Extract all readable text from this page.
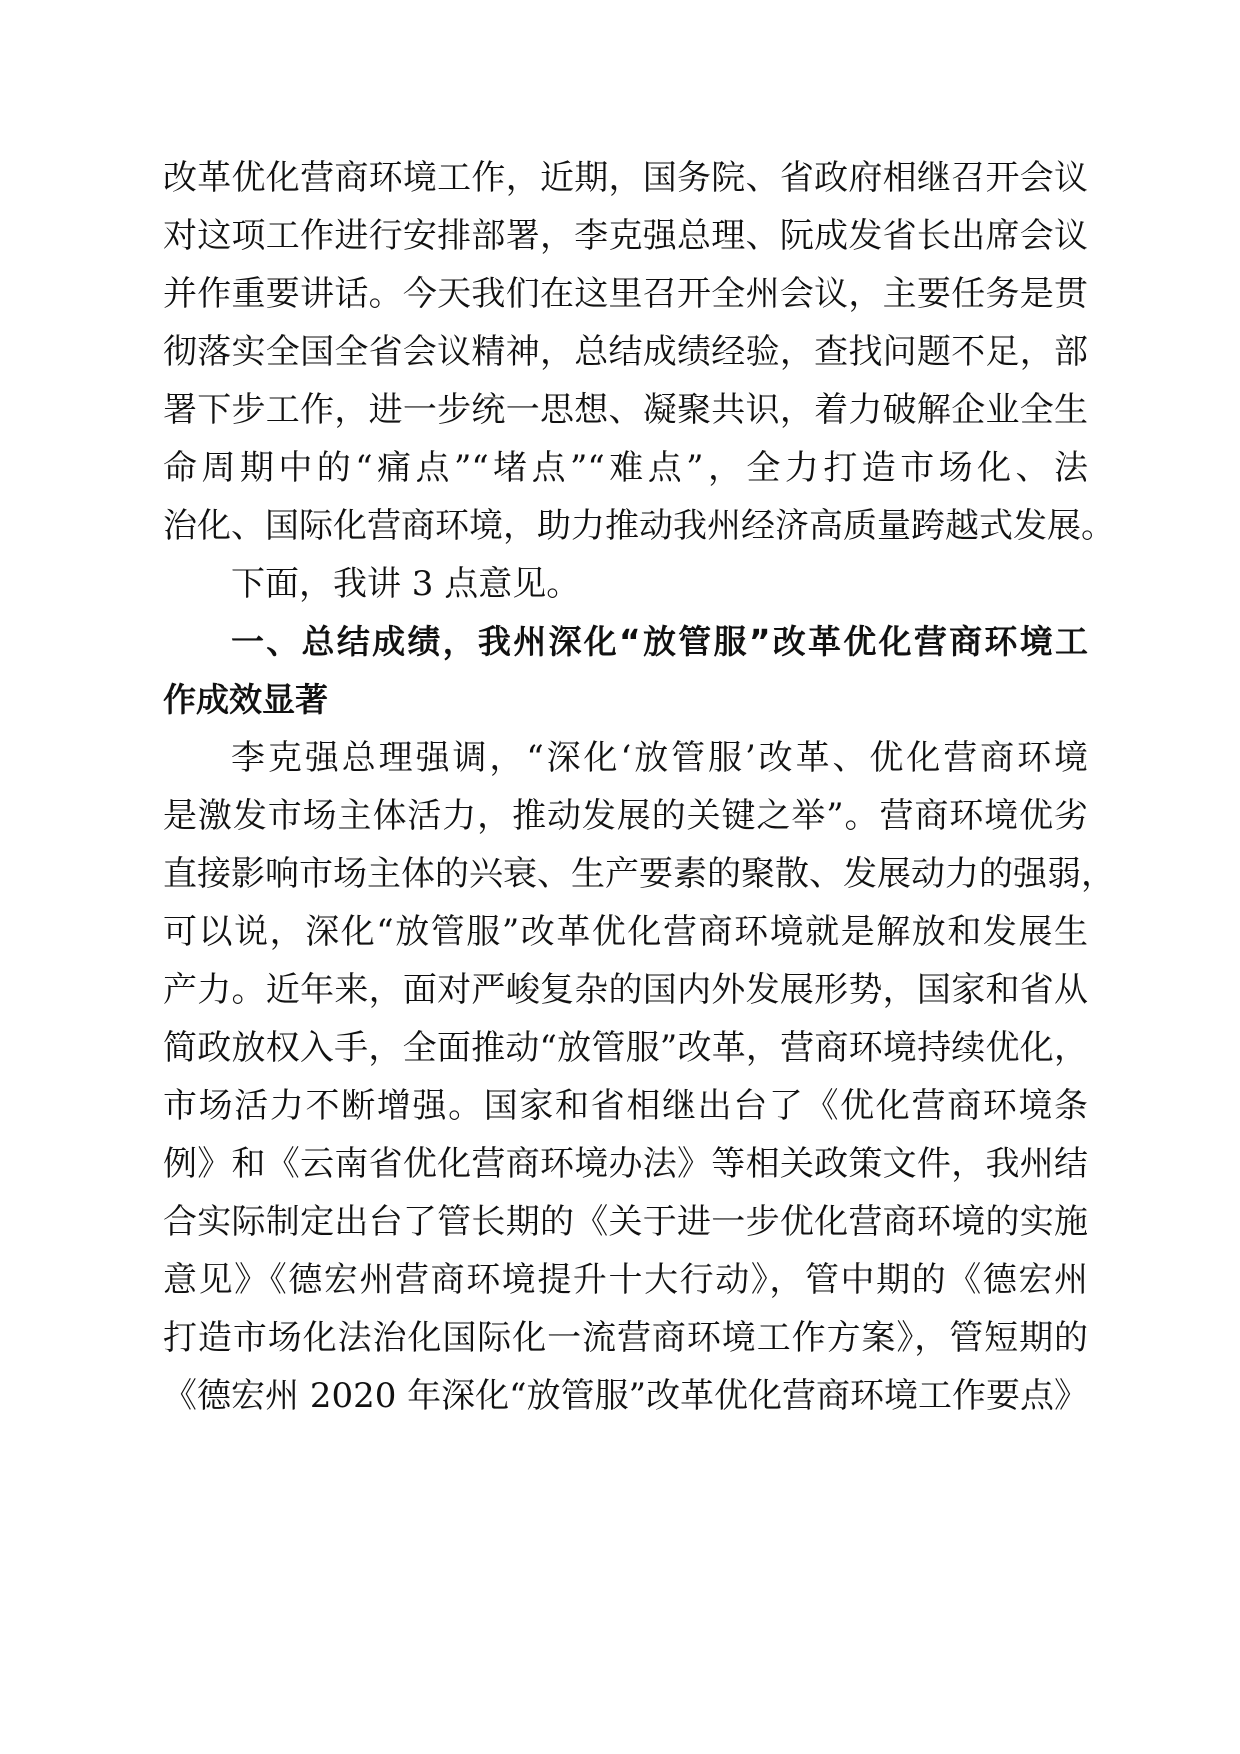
改革优化营商环境工作，近期，国务院、省政府相继召开会议
对这项工作进行安排部署，李克强总理、阮成发省长出席会议
并作重要讲话。今天我们在这里召开全州会议，主要任务是贯
彻落实全国全省会议精神，总结成绩经验，查找问题不足，部
署下步工作，进一步统一思想、凝聚共识，着力破解企业全生
命周期中的“痛点”“堵点”“难点”，全力打造市场化、法
治化、国际化营商环境，助力推动我州经济高质量跨越式发展。
下面，我讲 3 点意见。
一、总结成绩，我州深化“放管服”改革优化营商环境工
作成效显著
李克强总理强调，“深化‘放管服’改革、优化营商环境
是激发市场主体活力，推动发展的关键之举”。营商环境优劣
直接影响市场主体的兴衰、生产要素的聚散、发展动力的强弱，
可以说，深化“放管服”改革优化营商环境就是解放和发展生
产力。近年来，面对严峻复杂的国内外发展形势，国家和省从
简政放权入手，全面推动“放管服”改革，营商环境持续优化，
市场活力不断增强。国家和省相继出台了《优化营商环境条
例》和《云南省优化营商环境办法》等相关政策文件，我州结
合实际制定出台了管长期的《关于进一步优化营商环境的实施
意见》《德宏州营商环境提升十大行动》，管中期的《德宏州
打造市场化法治化国际化一流营商环境工作方案》，管短期的
《德宏州 2020 年深化“放管服”改革优化营商环境工作要点》
